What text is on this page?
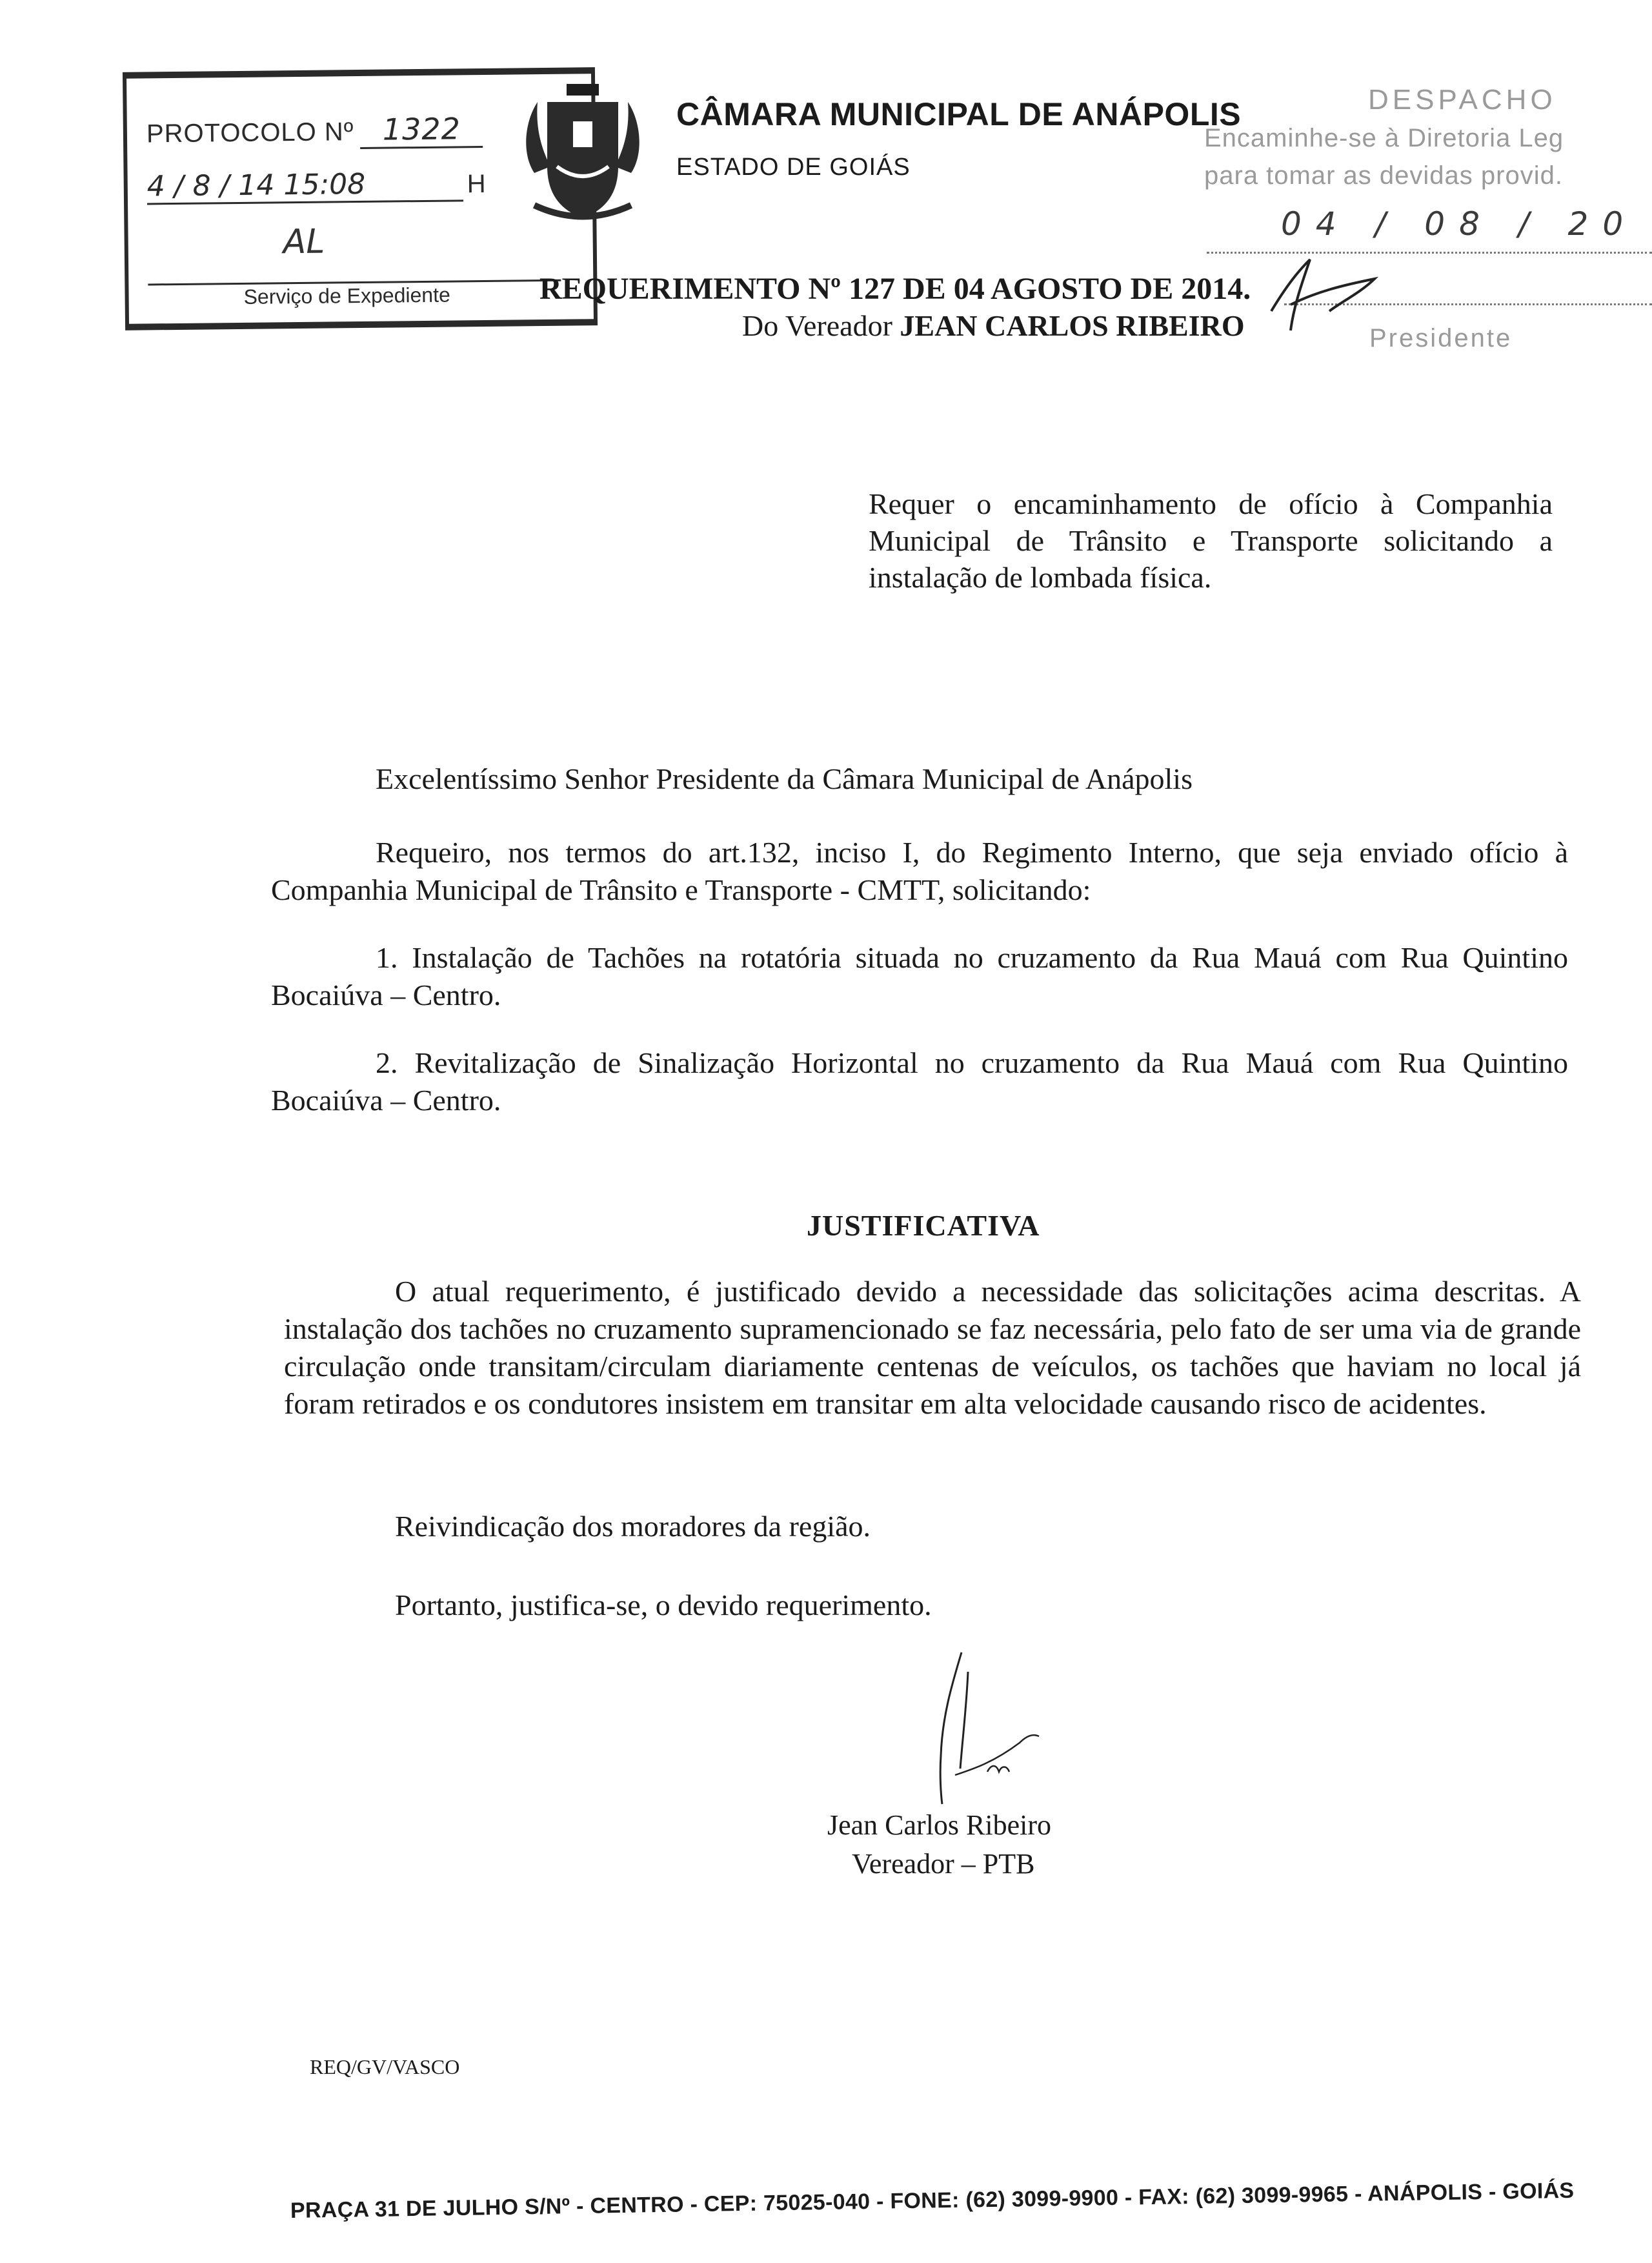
PROTOCOLO Nº 1322
4 / 8 / 14 15:08	H
AL
Serviço de Expediente
CÂMARA MUNICIPAL DE ANÁPOLIS
ESTADO DE GOIÁS
DESPACHO
Encaminhe-se à Diretoria Leg
para tomar as devidas provid.
04 / 08 / 20
Presidente
REQUERIMENTO Nº 127 DE 04 AGOSTO DE 2014.
Do Vereador JEAN CARLOS RIBEIRO
Requer o encaminhamento de ofício à Companhia Municipal de Trânsito e Transporte solicitando a instalação de lombada física.
Excelentíssimo Senhor Presidente da Câmara Municipal de Anápolis
Requeiro, nos termos do art.132, inciso I, do Regimento Interno, que seja enviado ofício à Companhia Municipal de Trânsito e Transporte - CMTT, solicitando:
1. Instalação de Tachões na rotatória situada no cruzamento da Rua Mauá com Rua Quintino Bocaiúva – Centro.
2. Revitalização de Sinalização Horizontal no cruzamento da Rua Mauá com Rua Quintino Bocaiúva – Centro.
JUSTIFICATIVA
O atual requerimento, é justificado devido a necessidade das solicitações acima descritas. A instalação dos tachões no cruzamento supramencionado se faz necessária, pelo fato de ser uma via de grande circulação onde transitam/circulam diariamente centenas de veículos, os tachões que haviam no local já foram retirados e os condutores insistem em transitar em alta velocidade causando risco de acidentes.
Reivindicação dos moradores da região.
Portanto, justifica-se, o devido requerimento.
Jean Carlos Ribeiro
Vereador – PTB
REQ/GV/VASCO
PRAÇA 31 DE JULHO S/Nº - CENTRO - CEP: 75025-040 - FONE: (62) 3099-9900 - FAX: (62) 3099-9965 - ANÁPOLIS - GOIÁS
